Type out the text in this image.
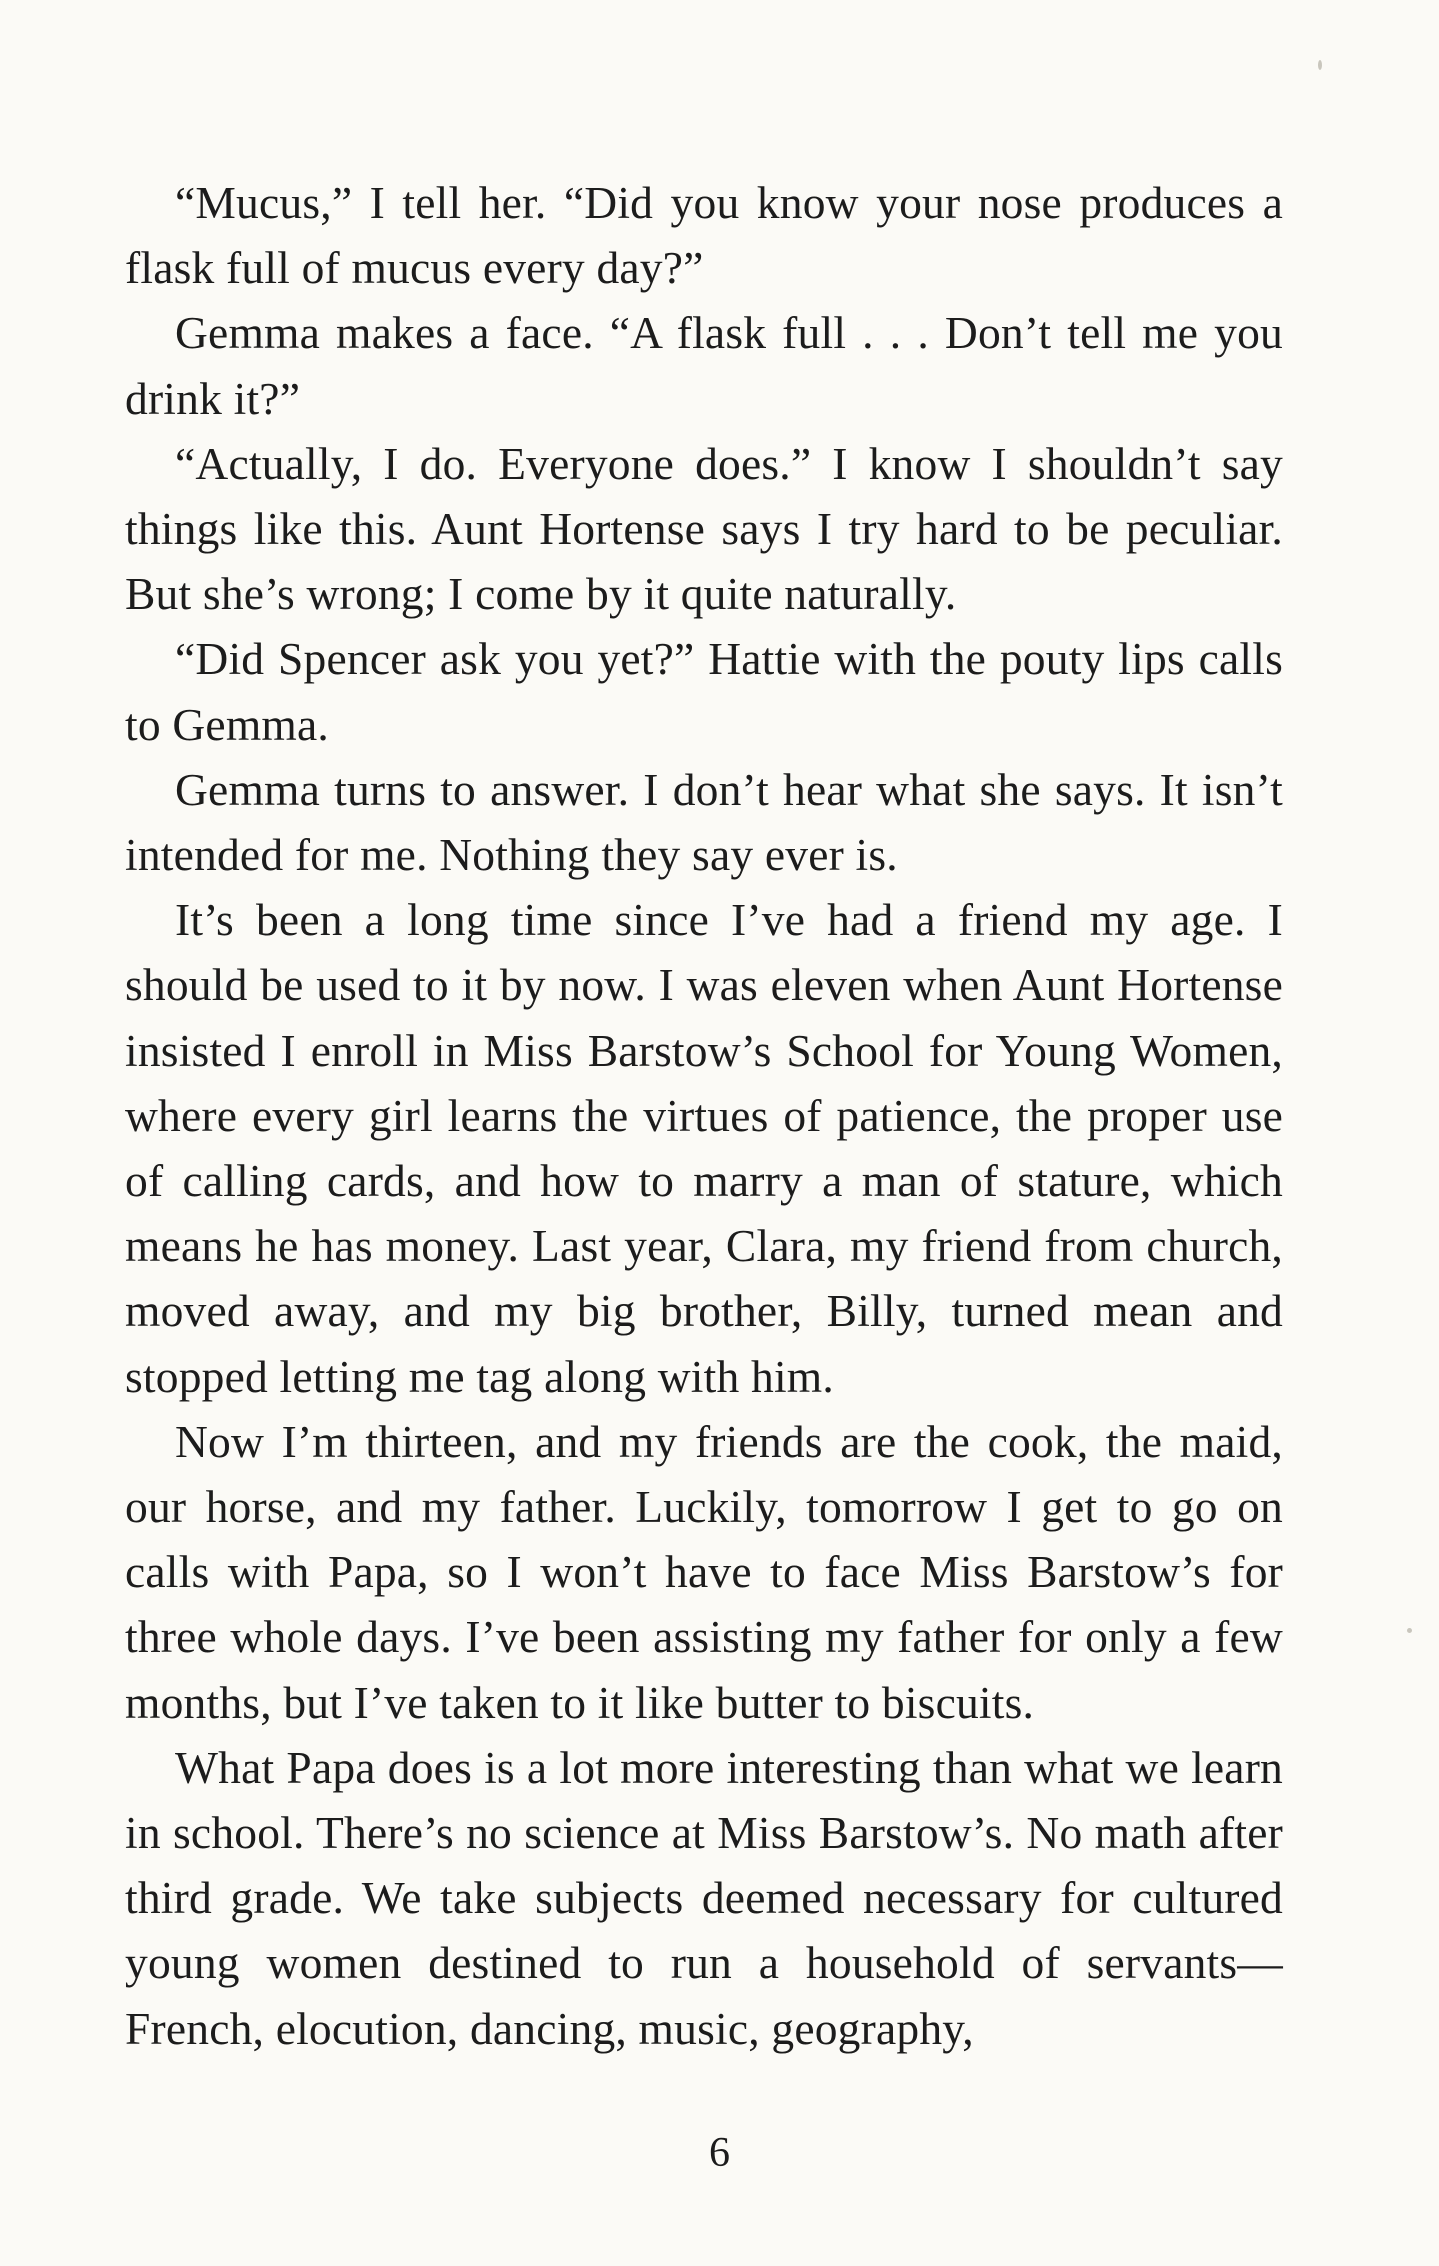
“Mucus,” I tell her. “Did you know your nose produces a flask full of mucus every day?”

Gemma makes a face. “A flask full . . . Don’t tell me you drink it?”

“Actually, I do. Everyone does.” I know I shouldn’t say things like this. Aunt Hortense says I try hard to be peculiar. But she’s wrong; I come by it quite naturally.

“Did Spencer ask you yet?” Hattie with the pouty lips calls to Gemma.

Gemma turns to answer. I don’t hear what she says. It isn’t intended for me. Nothing they say ever is.

It’s been a long time since I’ve had a friend my age. I should be used to it by now. I was eleven when Aunt Hortense insisted I enroll in Miss Barstow’s School for Young Women, where every girl learns the virtues of patience, the proper use of calling cards, and how to marry a man of stature, which means he has money. Last year, Clara, my friend from church, moved away, and my big brother, Billy, turned mean and stopped letting me tag along with him.

Now I’m thirteen, and my friends are the cook, the maid, our horse, and my father. Luckily, tomorrow I get to go on calls with Papa, so I won’t have to face Miss Barstow’s for three whole days. I’ve been assisting my father for only a few months, but I’ve taken to it like butter to biscuits.

What Papa does is a lot more interesting than what we learn in school. There’s no science at Miss Barstow’s. No math after third grade. We take subjects deemed necessary for cultured young women destined to run a household of servants—French, elocution, dancing, music, geography,

6
